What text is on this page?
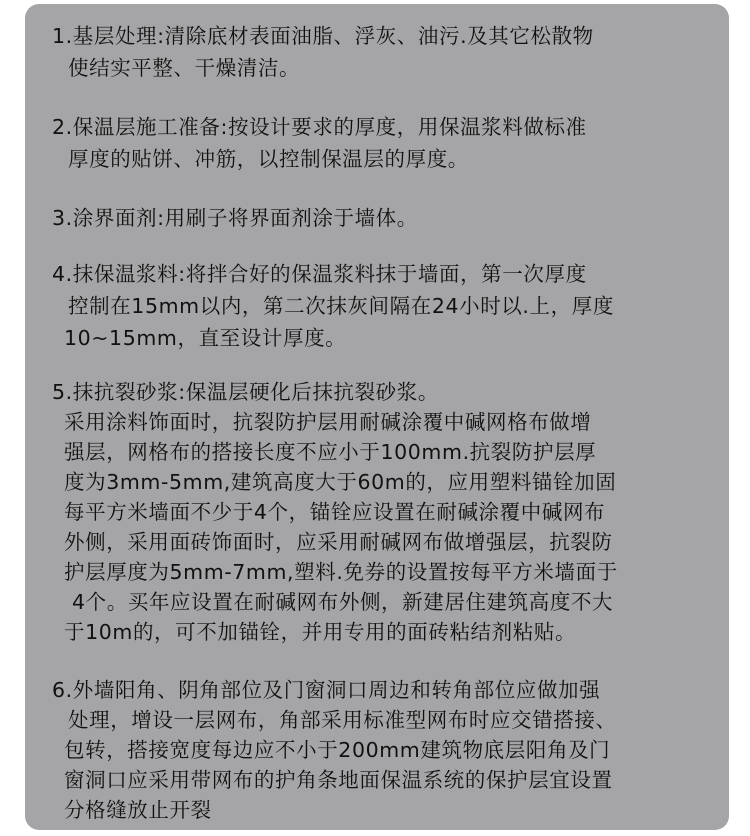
1.基层处理:清除底材表面油脂、浮灰、油污.及其它松散物
使结实平整、干燥清洁。
2.保温层施工准备:按设计要求的厚度，用保温浆料做标准
厚度的贴饼、冲筋，以控制保温层的厚度。
3.涂界面剂:用刷子将界面剂涂于墙体。
4.抹保温浆料:将拌合好的保温浆料抹于墙面，第一次厚度
控制在15mm以内，第二次抹灰间隔在24小时以.上，厚度
10~15mm，直至设计厚度。
5.抹抗裂砂浆:保温层硬化后抹抗裂砂浆。
采用涂料饰面时，抗裂防护层用耐碱涂覆中碱网格布做增
强层，网格布的搭接长度不应小于100mm.抗裂防护层厚
度为3mm-5mm,建筑高度大于60m的，应用塑料锚铨加固
每平方米墙面不少于4个，锚铨应设置在耐碱涂覆中碱网布
外侧，采用面砖饰面时，应采用耐碱网布做增强层，抗裂防
护层厚度为5mm-7mm,塑料.免券的设置按每平方米墙面于
4个。买年应设置在耐碱网布外侧，新建居住建筑高度不大
于10m的，可不加锚铨，并用专用的面砖粘结剂粘贴。
6.外墙阳角、阴角部位及门窗洞口周边和转角部位应做加强
处理，增设一层网布，角部采用标准型网布时应交错搭接、
包转，搭接宽度每边应不小于200mm建筑物底层阳角及门
窗洞口应采用带网布的护角条地面保温系统的保护层宜设置
分格缝放止开裂
